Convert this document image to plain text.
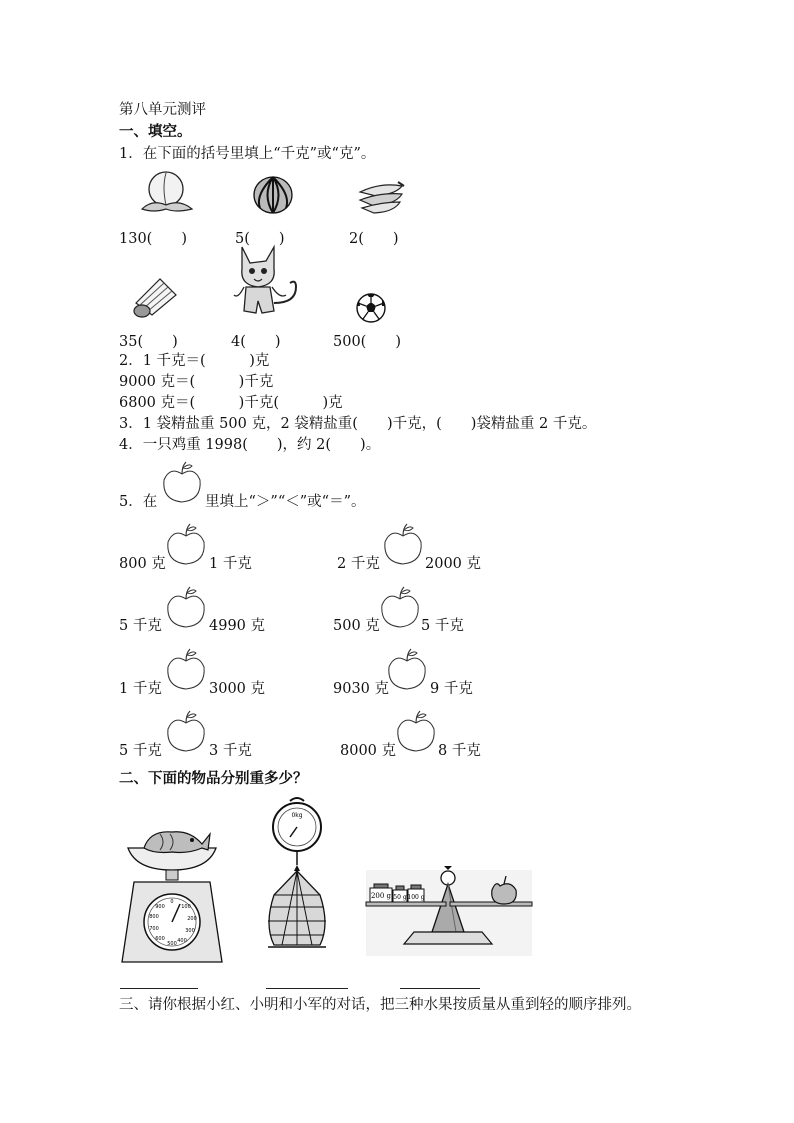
第八单元测评
一、填空。
1．在下面的括号里填上“千克”或“克”。
130(　　)	5(　　)	2(　　)
35(　　)	4(　　)	500(　　)
2．1 千克＝(　　　)克
9000 克＝(　　　)千克
6800 克＝(　　　)千克(　　　)克
3．1 袋精盐重 500 克，2 袋精盐重(　　)千克，(　　)袋精盐重 2 千克。
4．一只鸡重 1998(　　)，约 2(　　)。
5．在	里填上“＞”“＜”或“＝”。
800 克	1 千克	2 千克	2000 克
5 千克	4990 克	500 克	5 千克
1 千克	3000 克	9030 克	9 千克
5 千克	3 千克	8000 克	8 千克
二、下面的物品分别重多少？
0
100
200
300
400
500
600
700
800
900
0kg
200 g 50 g 100 g
三、请你根据小红、小明和小军的对话，把三种水果按质量从重到轻的顺序排列。
